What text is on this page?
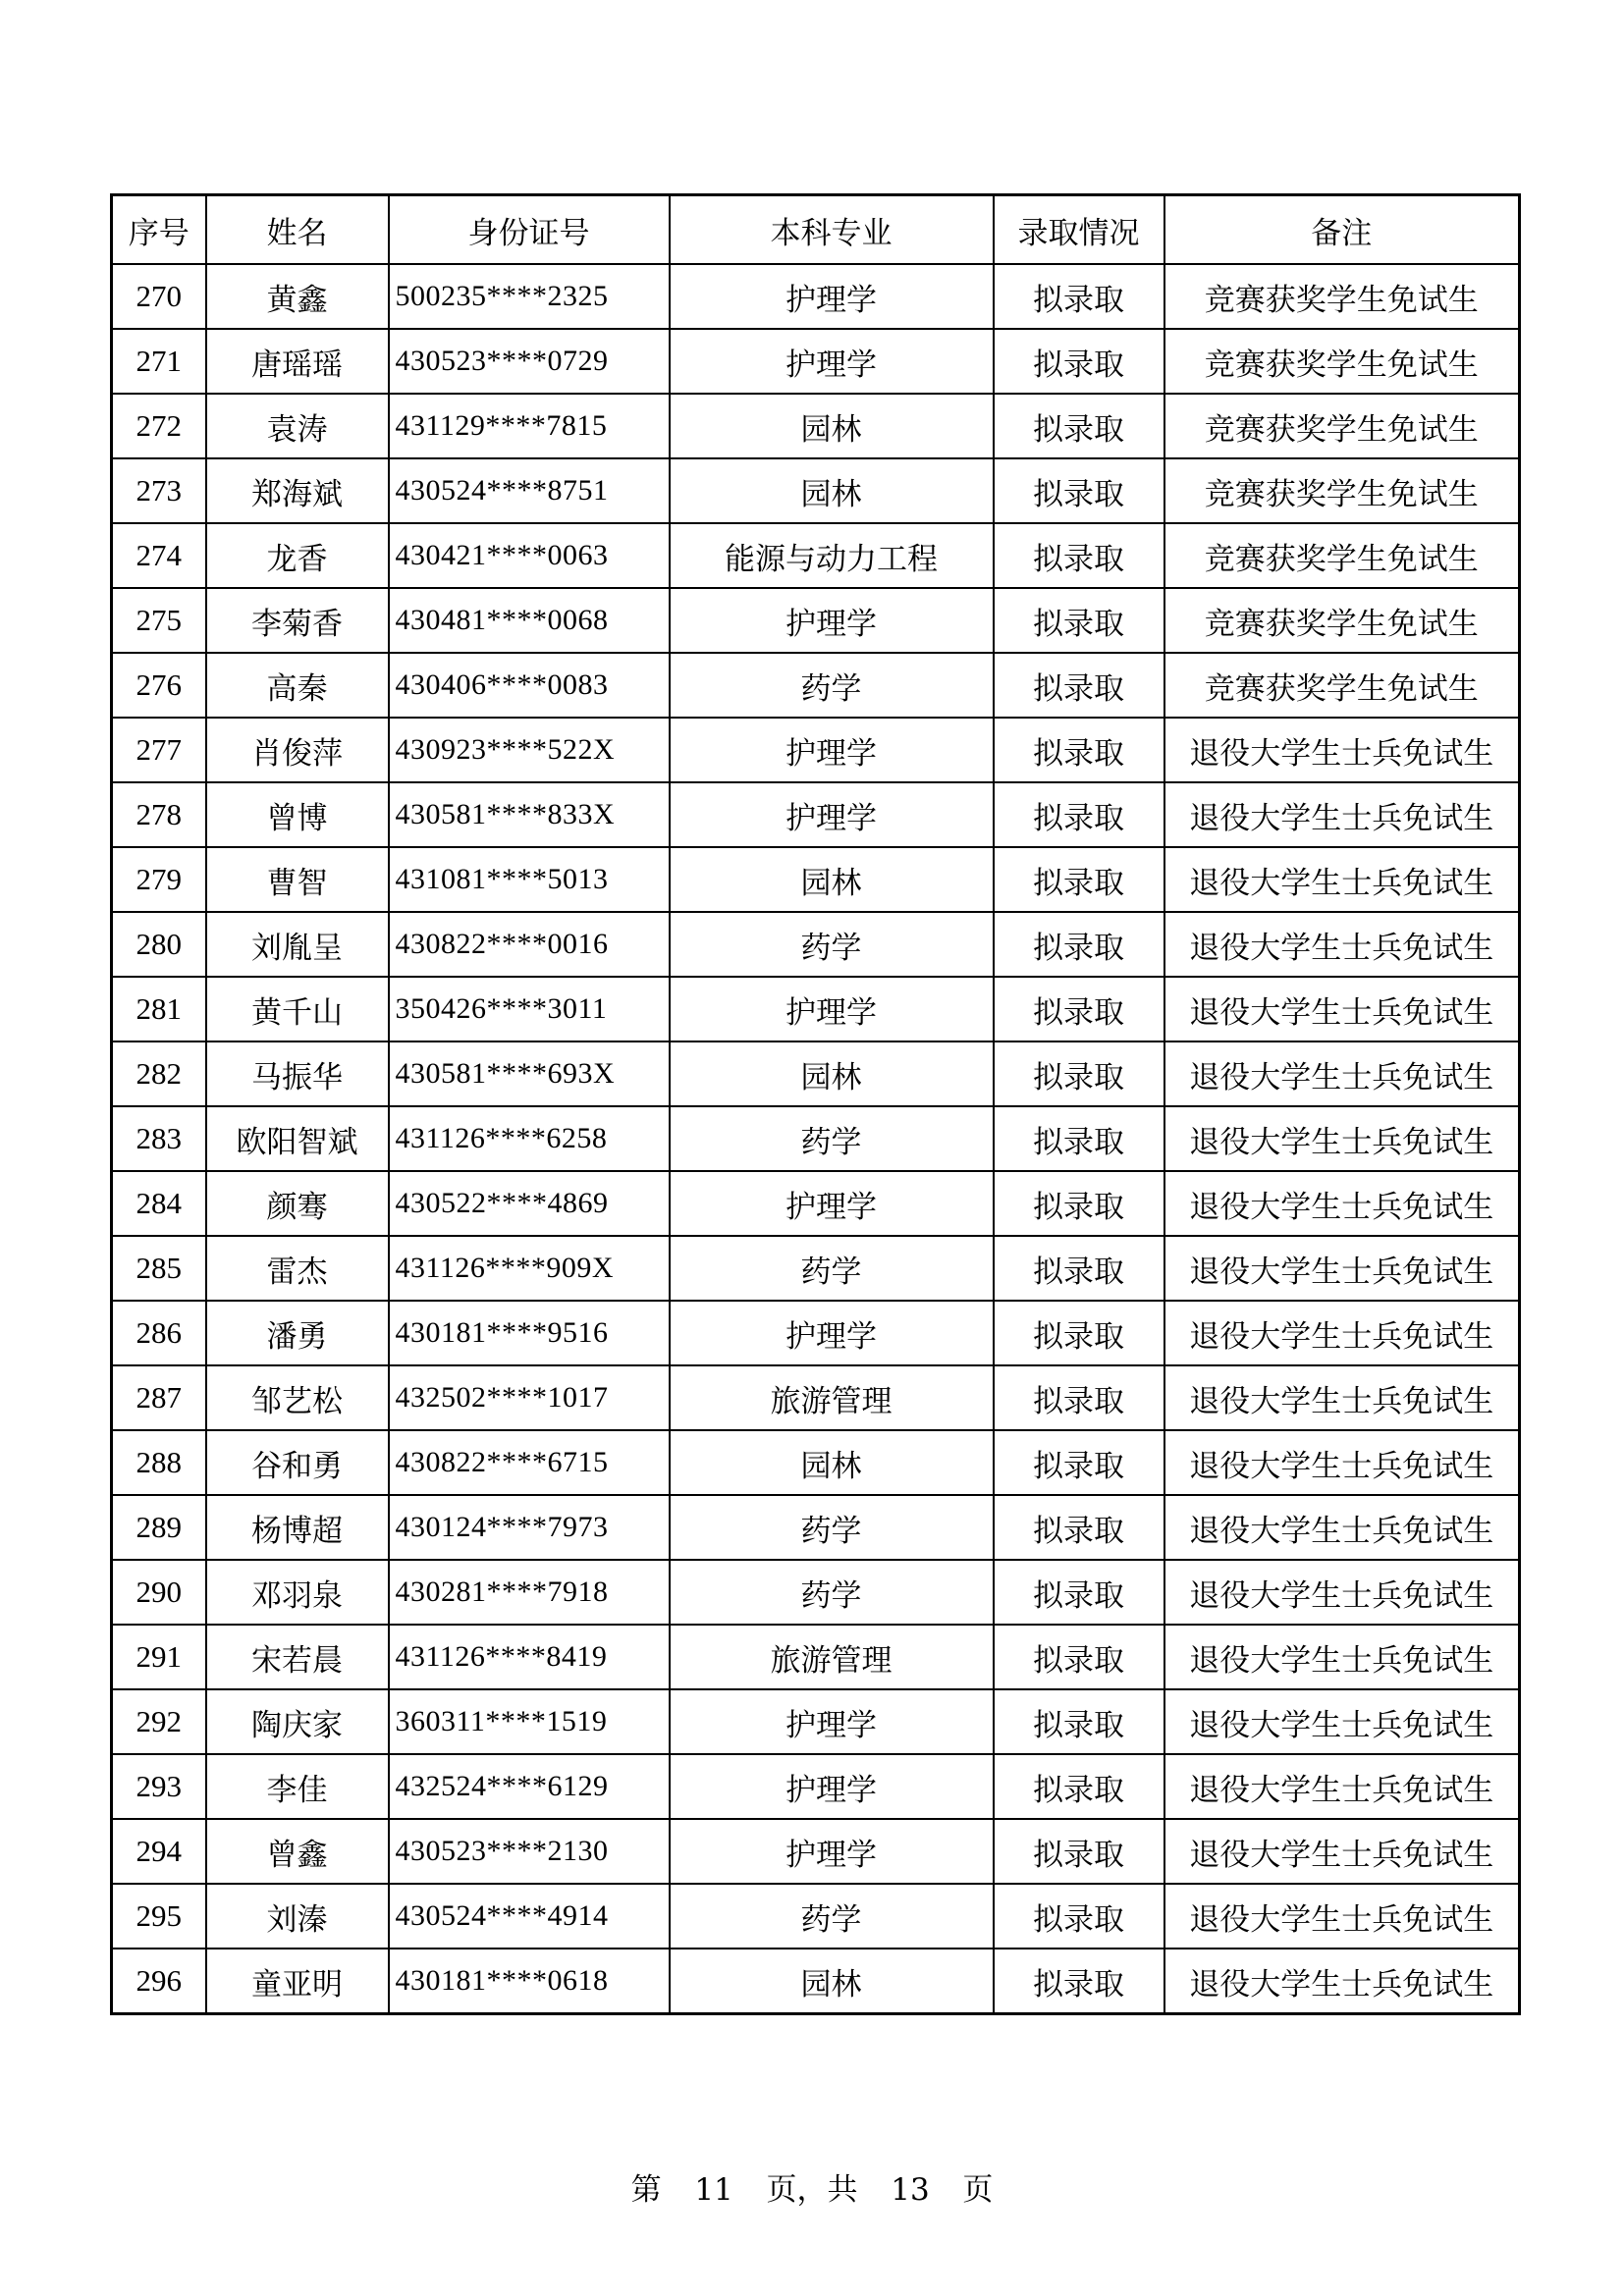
序号	姓名	身份证号	本科专业	录取情况	备注
270	黄鑫	500235****2325	护理学	拟录取	竞赛获奖学生免试生
271	唐瑶瑶	430523****0729	护理学	拟录取	竞赛获奖学生免试生
272	袁涛	431129****7815	园林	拟录取	竞赛获奖学生免试生
273	郑海斌	430524****8751	园林	拟录取	竞赛获奖学生免试生
274	龙香	430421****0063	能源与动力工程	拟录取	竞赛获奖学生免试生
275	李菊香	430481****0068	护理学	拟录取	竞赛获奖学生免试生
276	高秦	430406****0083	药学	拟录取	竞赛获奖学生免试生
277	肖俊萍	430923****522X	护理学	拟录取	退役大学生士兵免试生
278	曾博	430581****833X	护理学	拟录取	退役大学生士兵免试生
279	曹智	431081****5013	园林	拟录取	退役大学生士兵免试生
280	刘胤呈	430822****0016	药学	拟录取	退役大学生士兵免试生
281	黄千山	350426****3011	护理学	拟录取	退役大学生士兵免试生
282	马振华	430581****693X	园林	拟录取	退役大学生士兵免试生
283	欧阳智斌	431126****6258	药学	拟录取	退役大学生士兵免试生
284	颜骞	430522****4869	护理学	拟录取	退役大学生士兵免试生
285	雷杰	431126****909X	药学	拟录取	退役大学生士兵免试生
286	潘勇	430181****9516	护理学	拟录取	退役大学生士兵免试生
287	邹艺松	432502****1017	旅游管理	拟录取	退役大学生士兵免试生
288	谷和勇	430822****6715	园林	拟录取	退役大学生士兵免试生
289	杨博超	430124****7973	药学	拟录取	退役大学生士兵免试生
290	邓羽泉	430281****7918	药学	拟录取	退役大学生士兵免试生
291	宋若晨	431126****8419	旅游管理	拟录取	退役大学生士兵免试生
292	陶庆家	360311****1519	护理学	拟录取	退役大学生士兵免试生
293	李佳	432524****6129	护理学	拟录取	退役大学生士兵免试生
294	曾鑫	430523****2130	护理学	拟录取	退役大学生士兵免试生
295	刘溱	430524****4914	药学	拟录取	退役大学生士兵免试生
296	童亚明	430181****0618	园林	拟录取	退役大学生士兵免试生
第 11 页，共 13 页
